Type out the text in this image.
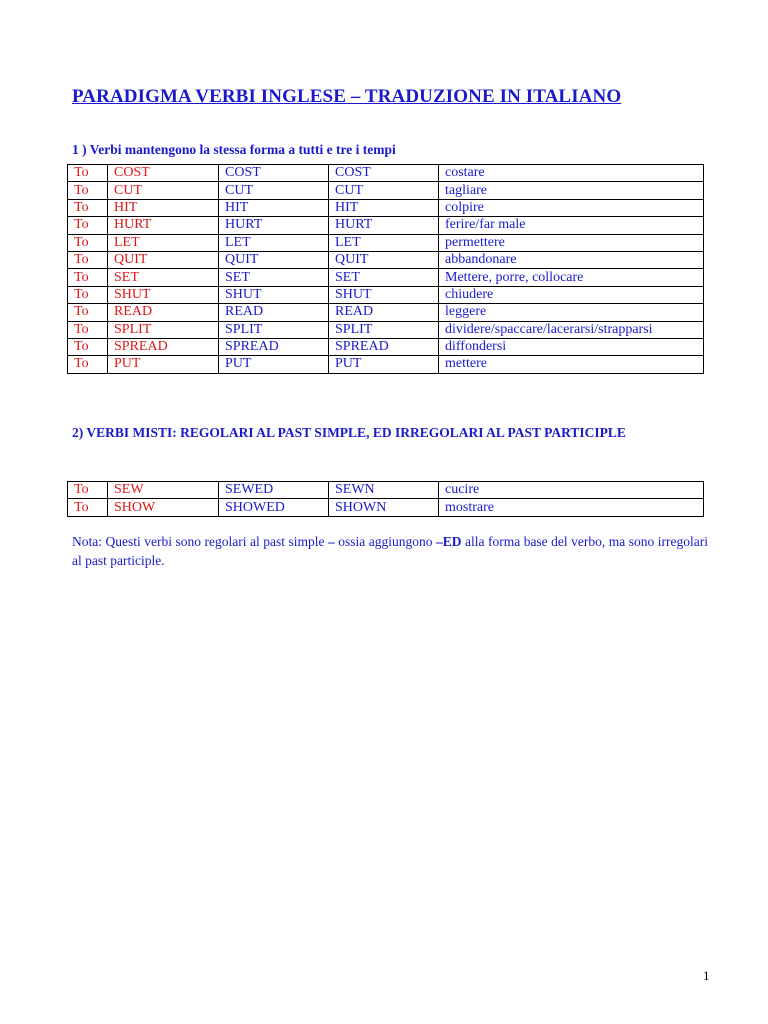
PARADIGMA VERBI INGLESE – TRADUZIONE IN ITALIANO
1 ) Verbi mantengono la stessa forma a tutti e tre i tempi
To	COST	COST	COST	costare
To	CUT	CUT	CUT	tagliare
To	HIT	HIT	HIT	colpire
To	HURT	HURT	HURT	ferire/far male
To	LET	LET	LET	permettere
To	QUIT	QUIT	QUIT	abbandonare
To	SET	SET	SET	Mettere, porre, collocare
To	SHUT	SHUT	SHUT	chiudere
To	READ	READ	READ	leggere
To	SPLIT	SPLIT	SPLIT	dividere/spaccare/lacerarsi/strapparsi
To	SPREAD	SPREAD	SPREAD	diffondersi
To	PUT	PUT	PUT	mettere
2) VERBI MISTI: REGOLARI AL PAST SIMPLE, ED IRREGOLARI AL PAST PARTICIPLE
To	SEW	SEWED	SEWN	cucire
To	SHOW	SHOWED	SHOWN	mostrare

Nota: Questi verbi sono regolari al past simple – ossia aggiungono –ED alla forma base del verbo, ma sono irregolari al past participle.

1
